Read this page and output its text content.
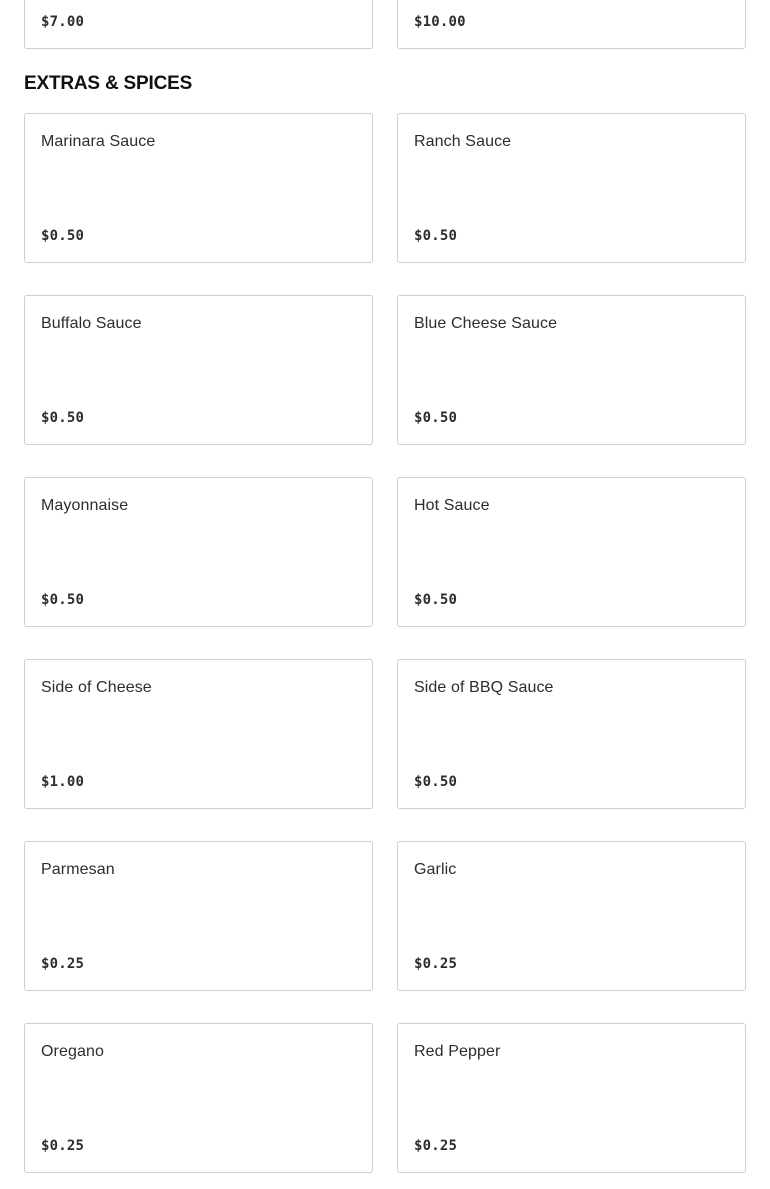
$7.00	$10.00
EXTRAS & SPICES
Marinara Sauce
$0.50
Ranch Sauce
$0.50
Buffalo Sauce
$0.50
Blue Cheese Sauce
$0.50
Mayonnaise
$0.50
Hot Sauce
$0.50
Side of Cheese
$1.00
Side of BBQ Sauce
$0.50
Parmesan
$0.25
Garlic
$0.25
Oregano
$0.25
Red Pepper
$0.25
